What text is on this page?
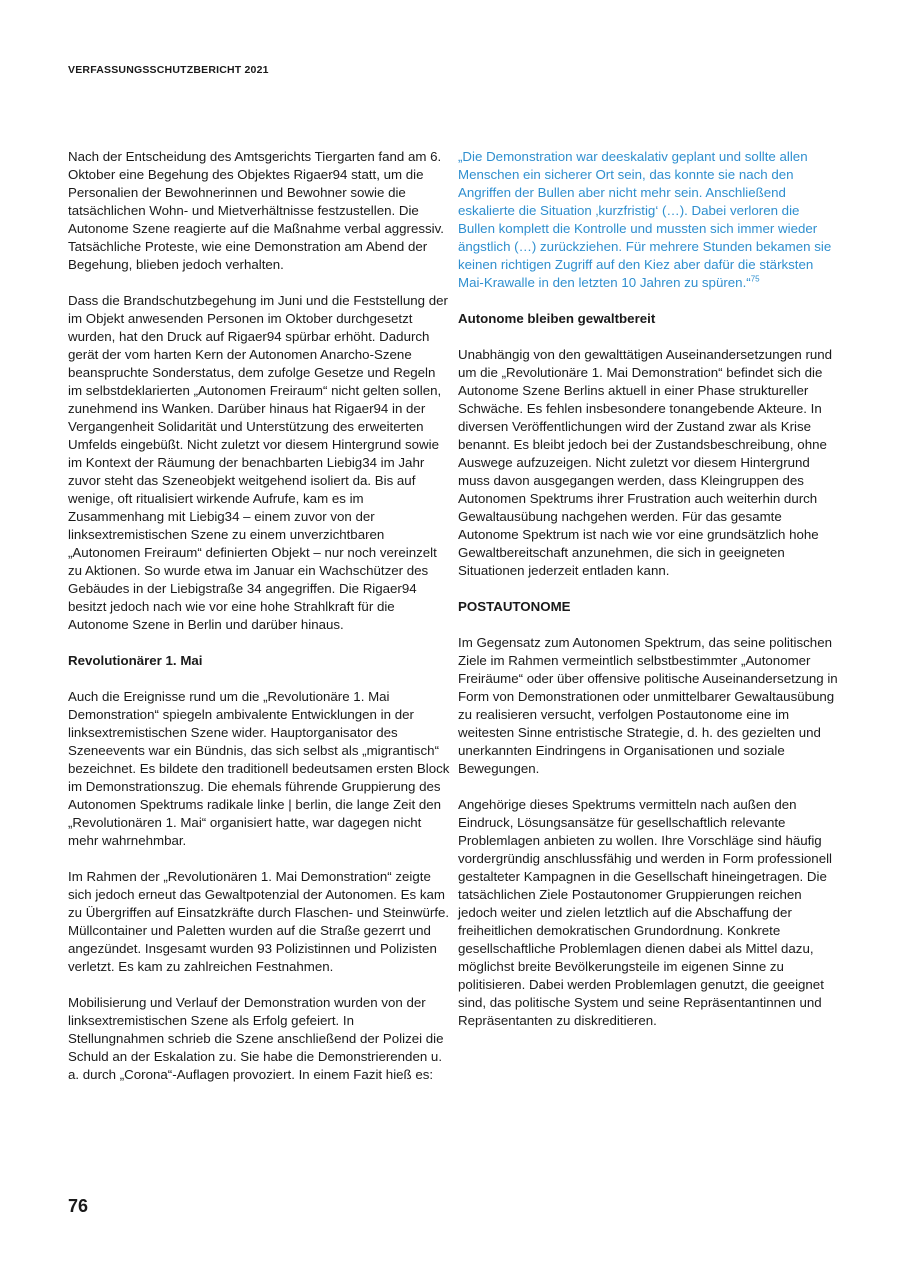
VERFASSUNGSSCHUTZBERICHT 2021

Nach der Entscheidung des Amtsgerichts Tiergarten fand am 6. Oktober eine Begehung des Objektes Rigaer94 statt, um die Personalien der Bewohnerinnen und Bewohner sowie die tatsächlichen Wohn- und Mietverhältnisse festzustellen. Die Autonome Szene reagierte auf die Maßnahme verbal aggressiv. Tatsächliche Proteste, wie eine Demonstration am Abend der Begehung, blieben jedoch verhalten.

Dass die Brandschutzbegehung im Juni und die Feststellung der im Objekt anwesenden Personen im Oktober durchgesetzt wurden, hat den Druck auf Rigaer94 spürbar erhöht. Dadurch gerät der vom harten Kern der Autonomen Anarcho-Szene beanspruchte Sonderstatus, dem zufolge Gesetze und Regeln im selbstdeklarierten „Autonomen Freiraum“ nicht gelten sollen, zunehmend ins Wanken. Darüber hinaus hat Rigaer94 in der Vergangenheit Solidarität und Unterstützung des erweiterten Umfelds eingebüßt. Nicht zuletzt vor diesem Hintergrund sowie im Kontext der Räumung der benachbarten Liebig34 im Jahr zuvor steht das Szeneobjekt weitgehend isoliert da. Bis auf wenige, oft ritualisiert wirkende Aufrufe, kam es im Zusammenhang mit Liebig34 – einem zuvor von der linksextremistischen Szene zu einem unverzichtbaren „Autonomen Freiraum“ definierten Objekt – nur noch vereinzelt zu Aktionen. So wurde etwa im Januar ein Wachschützer des Gebäudes in der Liebigstraße 34 angegriffen. Die Rigaer94 besitzt jedoch nach wie vor eine hohe Strahlkraft für die Autonome Szene in Berlin und darüber hinaus.

Revolutionärer 1. Mai

Auch die Ereignisse rund um die „Revolutionäre 1. Mai Demonstration“ spiegeln ambivalente Entwicklungen in der linksextremistischen Szene wider. Hauptorganisator des Szeneevents war ein Bündnis, das sich selbst als „migrantisch“ bezeichnet. Es bildete den traditionell bedeutsamen ersten Block im Demonstrationszug. Die ehemals führende Gruppierung des Autonomen Spektrums radikale linke | berlin, die lange Zeit den „Revolutionären 1. Mai“ organisiert hatte, war dagegen nicht mehr wahrnehmbar.

Im Rahmen der „Revolutionären 1. Mai Demonstration“ zeigte sich jedoch erneut das Gewaltpotenzial der Autonomen. Es kam zu Übergriffen auf Einsatzkräfte durch Flaschen- und Steinwürfe. Müllcontainer und Paletten wurden auf die Straße gezerrt und angezündet. Insgesamt wurden 93 Polizistinnen und Polizisten verletzt. Es kam zu zahlreichen Festnahmen.

Mobilisierung und Verlauf der Demonstration wurden von der linksextremistischen Szene als Erfolg gefeiert. In Stellungnahmen schrieb die Szene anschließend der Polizei die Schuld an der Eskalation zu. Sie habe die Demonstrierenden u. a. durch „Corona“-Auflagen provoziert. In einem Fazit hieß es:

„Die Demonstration war deeskalativ geplant und sollte allen Menschen ein sicherer Ort sein, das konnte sie nach den Angriffen der Bullen aber nicht mehr sein. Anschließend eskalierte die Situation ‚kurzfristig‘ (…). Dabei verloren die Bullen komplett die Kontrolle und mussten sich immer wieder ängstlich (…) zurückziehen. Für mehrere Stunden bekamen sie keinen richtigen Zugriff auf den Kiez aber dafür die stärksten Mai-Krawalle in den letzten 10 Jahren zu spüren.“$^{75}$

Autonome bleiben gewaltbereit

Unabhängig von den gewalttätigen Auseinandersetzungen rund um die „Revolutionäre 1. Mai Demonstration“ befindet sich die Autonome Szene Berlins aktuell in einer Phase struktureller Schwäche. Es fehlen insbesondere tonangebende Akteure. In diversen Veröffentlichungen wird der Zustand zwar als Krise benannt. Es bleibt jedoch bei der Zustandsbeschreibung, ohne Auswege aufzuzeigen. Nicht zuletzt vor diesem Hintergrund muss davon ausgegangen werden, dass Kleingruppen des Autonomen Spektrums ihrer Frustration auch weiterhin durch Gewaltausübung nachgehen werden. Für das gesamte Autonome Spektrum ist nach wie vor eine grundsätzlich hohe Gewaltbereitschaft anzunehmen, die sich in geeigneten Situationen jederzeit entladen kann.

POSTAUTONOME

Im Gegensatz zum Autonomen Spektrum, das seine politischen Ziele im Rahmen vermeintlich selbstbestimmter „Autonomer Freiräume“ oder über offensive politische Auseinandersetzung in Form von Demonstrationen oder unmittelbarer Gewaltausübung zu realisieren versucht, verfolgen Postautonome eine im weitesten Sinne entristische Strategie, d. h. des gezielten und unerkannten Eindringens in Organisationen und soziale Bewegungen.

Angehörige dieses Spektrums vermitteln nach außen den Eindruck, Lösungsansätze für gesellschaftlich relevante Problemlagen anbieten zu wollen. Ihre Vorschläge sind häufig vordergründig anschlussfähig und werden in Form professionell gestalteter Kampagnen in die Gesellschaft hineingetragen. Die tatsächlichen Ziele Postautonomer Gruppierungen reichen jedoch weiter und zielen letztlich auf die Abschaffung der freiheitlichen demokratischen Grundordnung. Konkrete gesellschaftliche Problemlagen dienen dabei als Mittel dazu, möglichst breite Bevölkerungsteile im eigenen Sinne zu politisieren. Dabei werden Problemlagen genutzt, die geeignet sind, das politische System und seine Repräsentantinnen und Repräsentanten zu diskreditieren.

76
